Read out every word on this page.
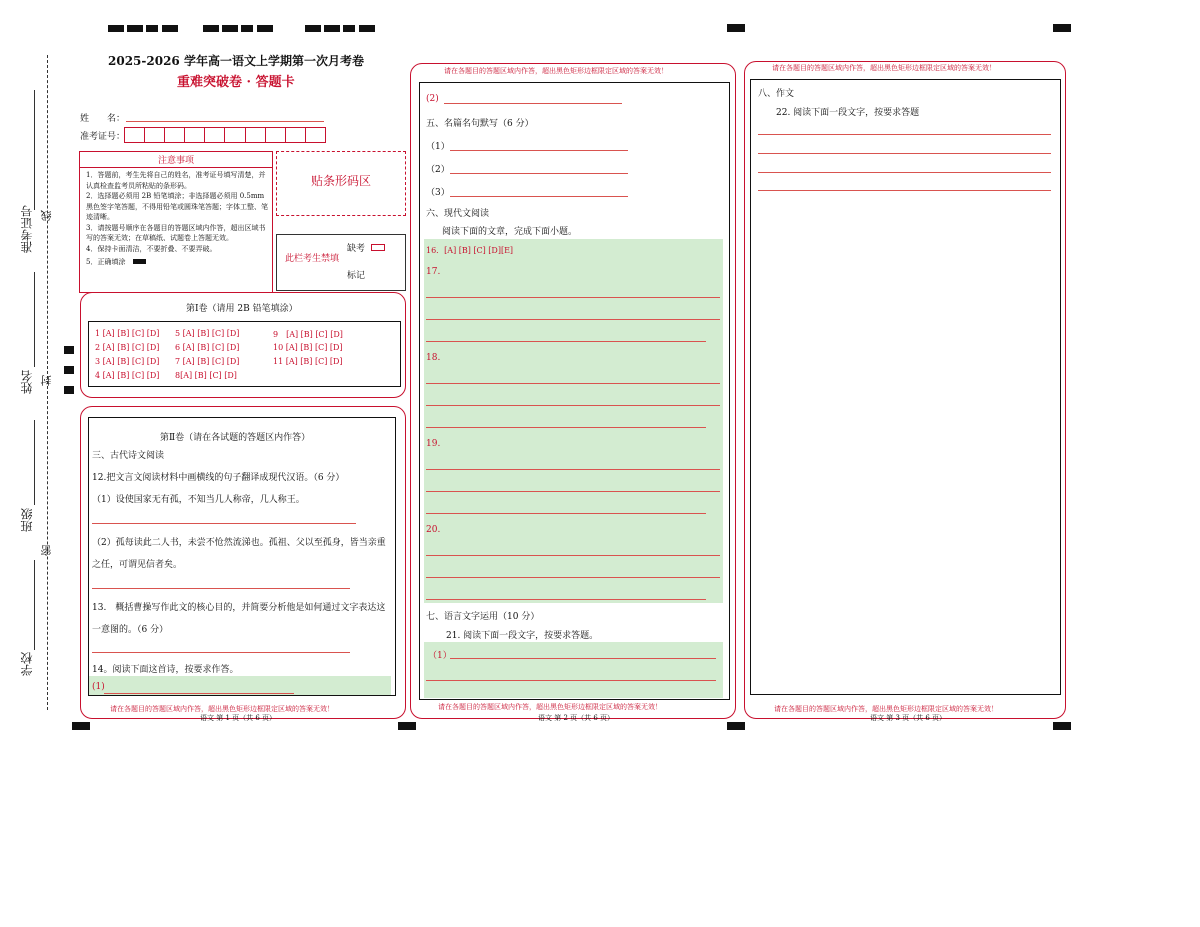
准考证号
姓名
班级
学校
线
封
密
2025-2026 学年高一语文上学期第一次月考卷
重难突破卷 · 答题卡
姓　　名：
准考证号：
注意事项
1．答题前，考生先将自己的姓名，准考证号填写清楚，并认真检查监考员所粘贴的条形码。
2．选择题必须用 2B 铅笔填涂；非选择题必须用 0.5mm 黑色签字笔答题，不得用铅笔或圆珠笔答题；字体工整、笔迹清晰。
3．请按题号顺序在各题目的答题区域内作答，超出区域书写的答案无效；在草稿纸、试题卷上答题无效。
4．保持卡面清洁，不要折叠、不要弄破。
5．正确填涂
贴条形码区
此栏考生禁填
缺考
标记
第Ⅰ卷（请用 2B 铅笔填涂）
1 [A] [B] [C] [D] 5 [A] [B] [C] [D]	9　[A] [B] [C] [D]
2 [A] [B] [C] [D] 6 [A] [B] [C] [D]	10 [A] [B] [C] [D]
3 [A] [B] [C] [D] 7 [A] [B] [C] [D]	11 [A] [B] [C] [D]
4 [A] [B] [C] [D] 8[A] [B] [C] [D]
第Ⅱ卷（请在各试题的答题区内作答）
三、古代诗文阅读
12.把文言文阅读材料中画横线的句子翻译成现代汉语。（6 分）
（1）设使国家无有孤，不知当几人称帝，几人称王。
（2）孤每读此二人书，未尝不怆然流涕也。孤祖、父以至孤身，皆当亲重之任，可谓见信者矣。
13.　概括曹操写作此文的核心目的，并简要分析他是如何通过文字表达这一意图的。（6 分）
14。阅读下面这首诗，按要求作答。
(1)
请在各题目的答题区域内作答，超出黑色矩形边框限定区域的答案无效！
语文 第 1 页（共 6 页）
请在各题目的答题区域内作答，超出黑色矩形边框限定区域的答案无效！
(2)
五、名篇名句默写（6 分）
（1）
（2）
（3）
六、现代文阅读
阅读下面的文章，完成下面小题。
16．[A] [B] [C] [D][E]
17.
18.
19.
20.
七、语言文字运用（10 分）
21. 阅读下面一段文字，按要求答题。
（1）
请在各题目的答题区域内作答，超出黑色矩形边框限定区域的答案无效！
语文 第 2 页（共 6 页）
请在各题目的答题区域内作答，超出黑色矩形边框限定区域的答案无效！
八、作文
22. 阅读下面一段文字，按要求答题
请在各题目的答题区域内作答，超出黑色矩形边框限定区域的答案无效！
语文 第 3 页（共 6 页）
